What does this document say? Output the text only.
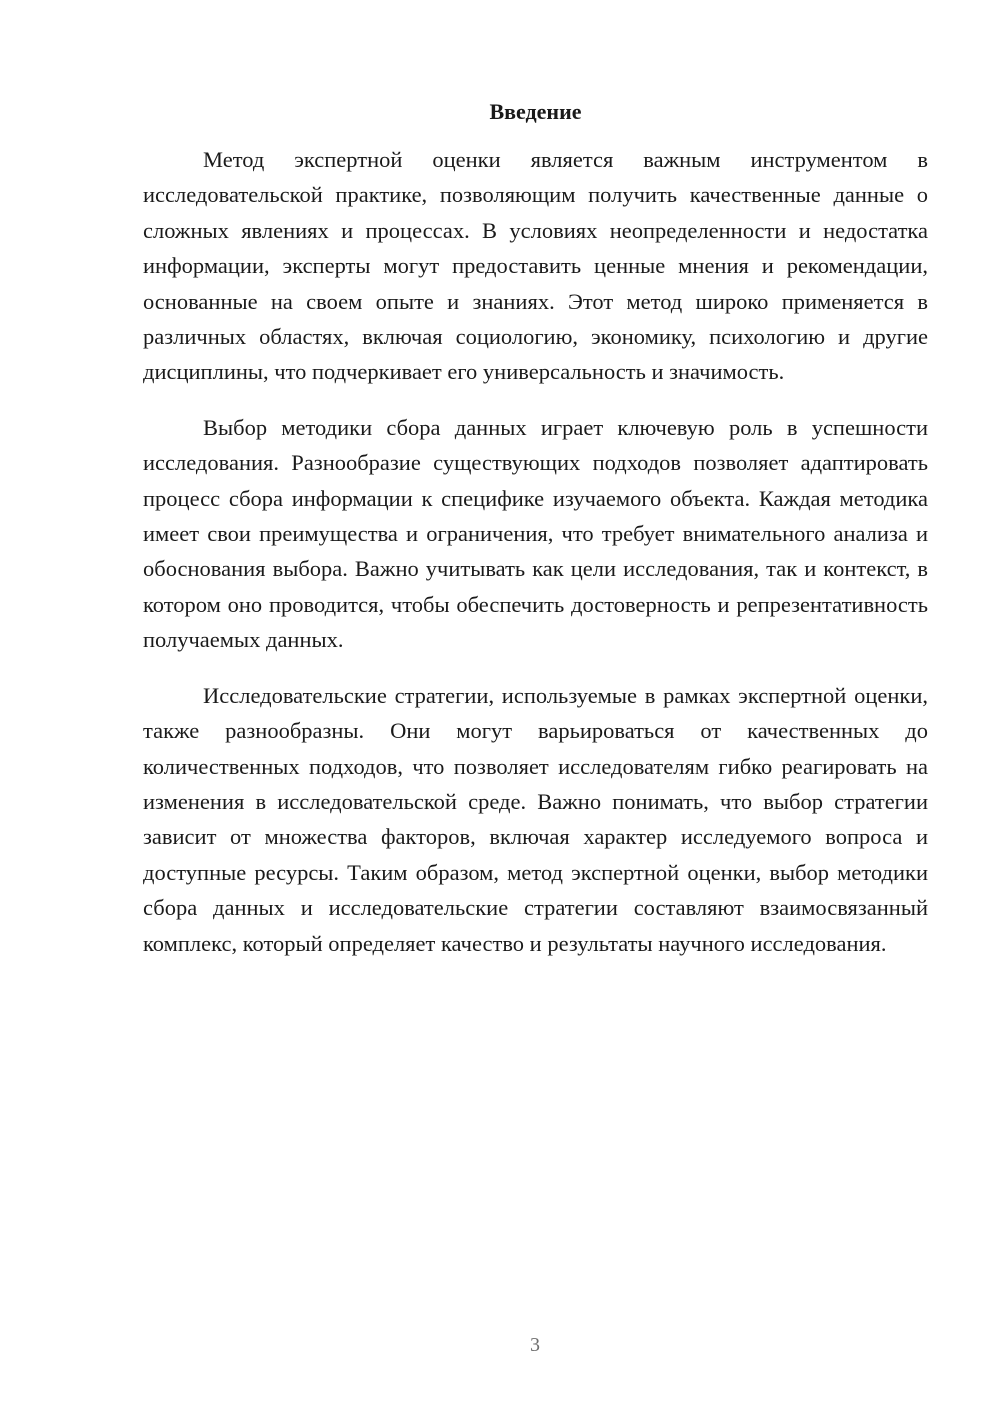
Введение

Метод экспертной оценки является важным инструментом в исследовательской практике, позволяющим получить качественные данные о сложных явлениях и процессах. В условиях неопределенности и недостатка информации, эксперты могут предоставить ценные мнения и рекомендации, основанные на своем опыте и знаниях. Этот метод широко применяется в различных областях, включая социологию, экономику, психологию и другие дисциплины, что подчеркивает его универсальность и значимость.

Выбор методики сбора данных играет ключевую роль в успешности исследования. Разнообразие существующих подходов позволяет адаптировать процесс сбора информации к специфике изучаемого объекта. Каждая методика имеет свои преимущества и ограничения, что требует внимательного анализа и обоснования выбора. Важно учитывать как цели исследования, так и контекст, в котором оно проводится, чтобы обеспечить достоверность и репрезентативность получаемых данных.

Исследовательские стратегии, используемые в рамках экспертной оценки, также разнообразны. Они могут варьироваться от качественных до количественных подходов, что позволяет исследователям гибко реагировать на изменения в исследовательской среде. Важно понимать, что выбор стратегии зависит от множества факторов, включая характер исследуемого вопроса и доступные ресурсы. Таким образом, метод экспертной оценки, выбор методики сбора данных и исследовательские стратегии составляют взаимосвязанный комплекс, который определяет качество и результаты научного исследования.

3
